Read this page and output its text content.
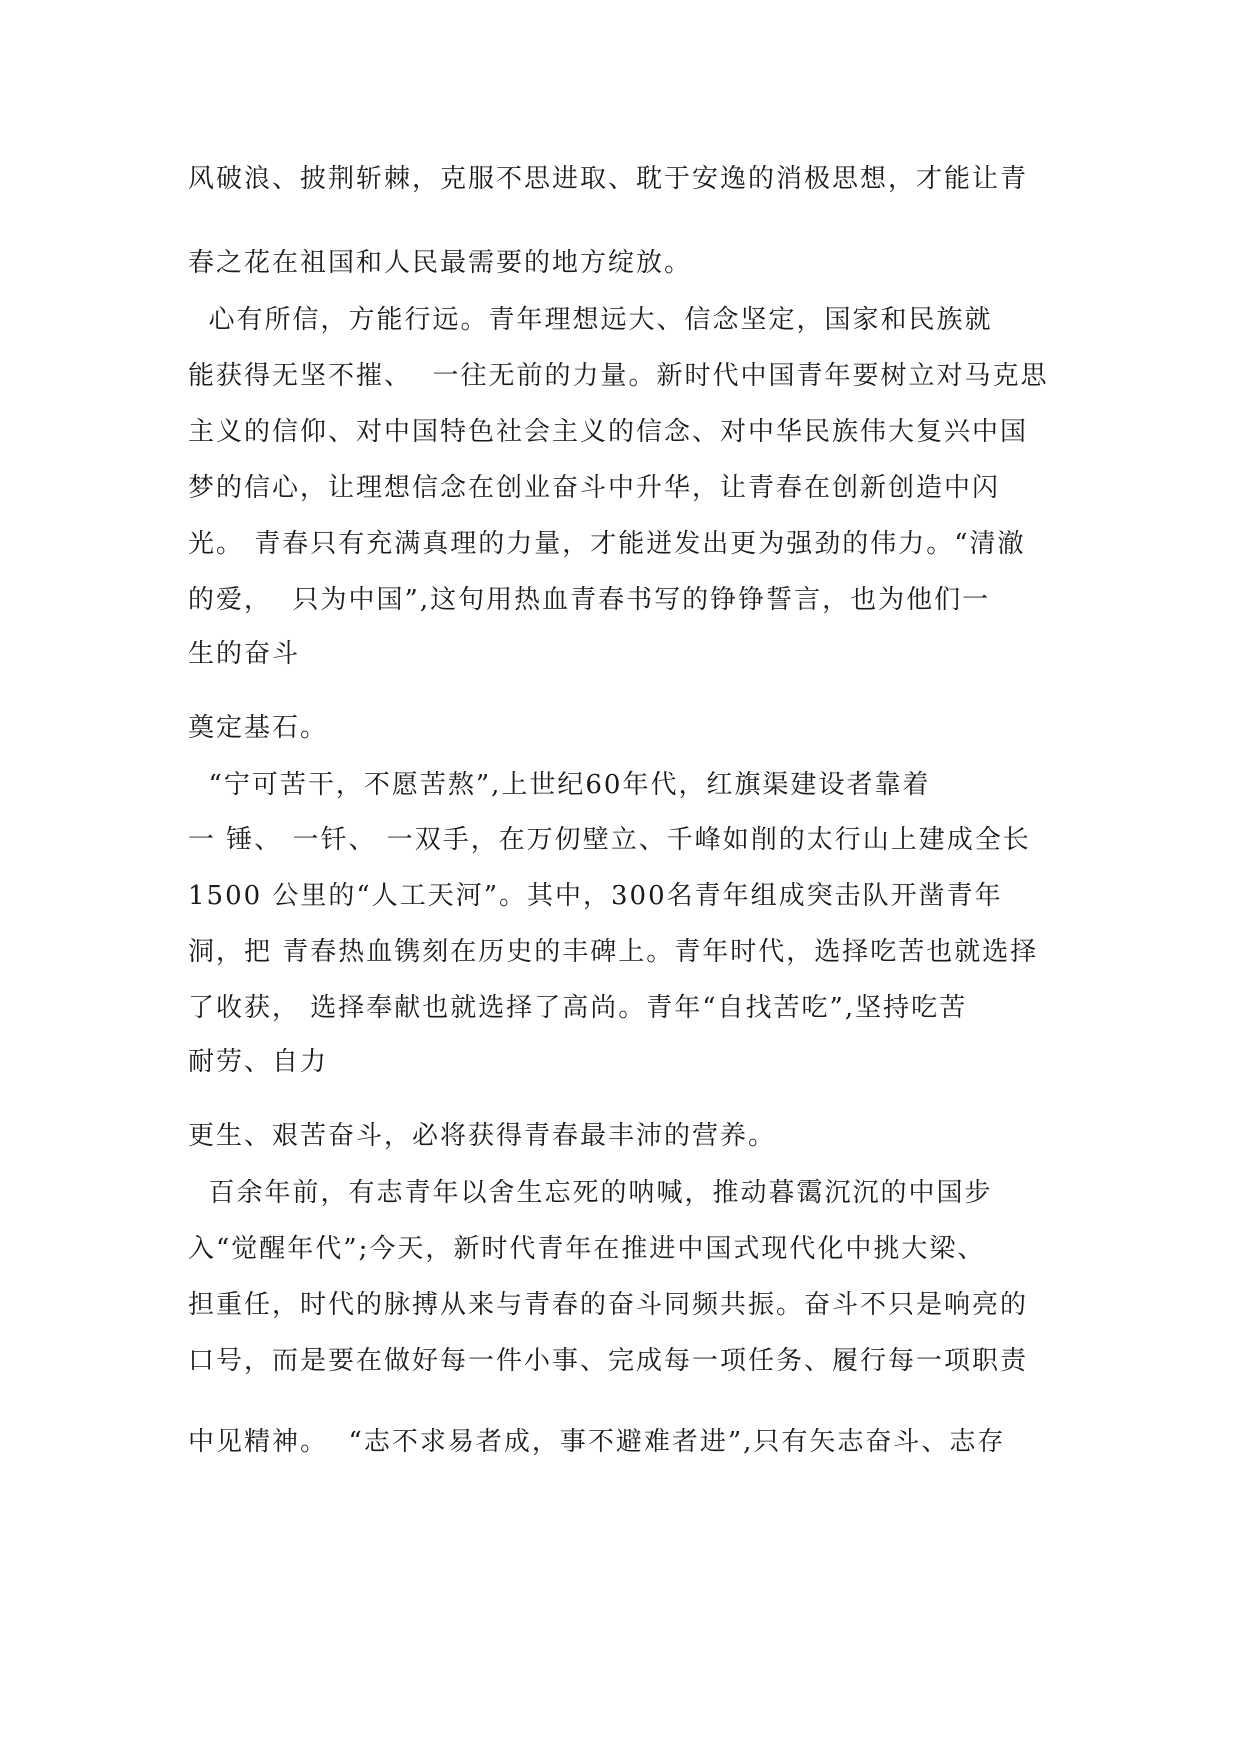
风破浪、披荆斩棘，克服不思进取、耽于安逸的消极思想，才能让青
春之花在祖国和人民最需要的地方绽放。
心有所信，方能行远。青年理想远大、信念坚定，国家和民族就
能获得无坚不摧、  一往无前的力量。新时代中国青年要树立对马克思
主义的信仰、对中国特色社会主义的信念、对中华民族伟大复兴中国
梦的信心，让理想信念在创业奋斗中升华，让青春在创新创造中闪
光。 青春只有充满真理的力量，才能迸发出更为强劲的伟力。“清澈
的爱，  只为中国”,这句用热血青春书写的铮铮誓言，也为他们一
生的奋斗
奠定基石。
“宁可苦干，不愿苦熬”,上世纪60年代，红旗渠建设者靠着
一 锤、 一钎、 一双手，在万仞壁立、千峰如削的太行山上建成全长
1500 公里的“人工天河”。其中，300名青年组成突击队开凿青年
洞，把 青春热血镌刻在历史的丰碑上。青年时代，选择吃苦也就选择
了收获， 选择奉献也就选择了高尚。青年“自找苦吃”,坚持吃苦
耐劳、自力
更生、艰苦奋斗，必将获得青春最丰沛的营养。
百余年前，有志青年以舍生忘死的呐喊，推动暮霭沉沉的中国步
入“觉醒年代”;今天，新时代青年在推进中国式现代化中挑大梁、
担重任，时代的脉搏从来与青春的奋斗同频共振。奋斗不只是响亮的
口号，而是要在做好每一件小事、完成每一项任务、履行每一项职责
中见精神。  “志不求易者成，事不避难者进”,只有矢志奋斗、志存
